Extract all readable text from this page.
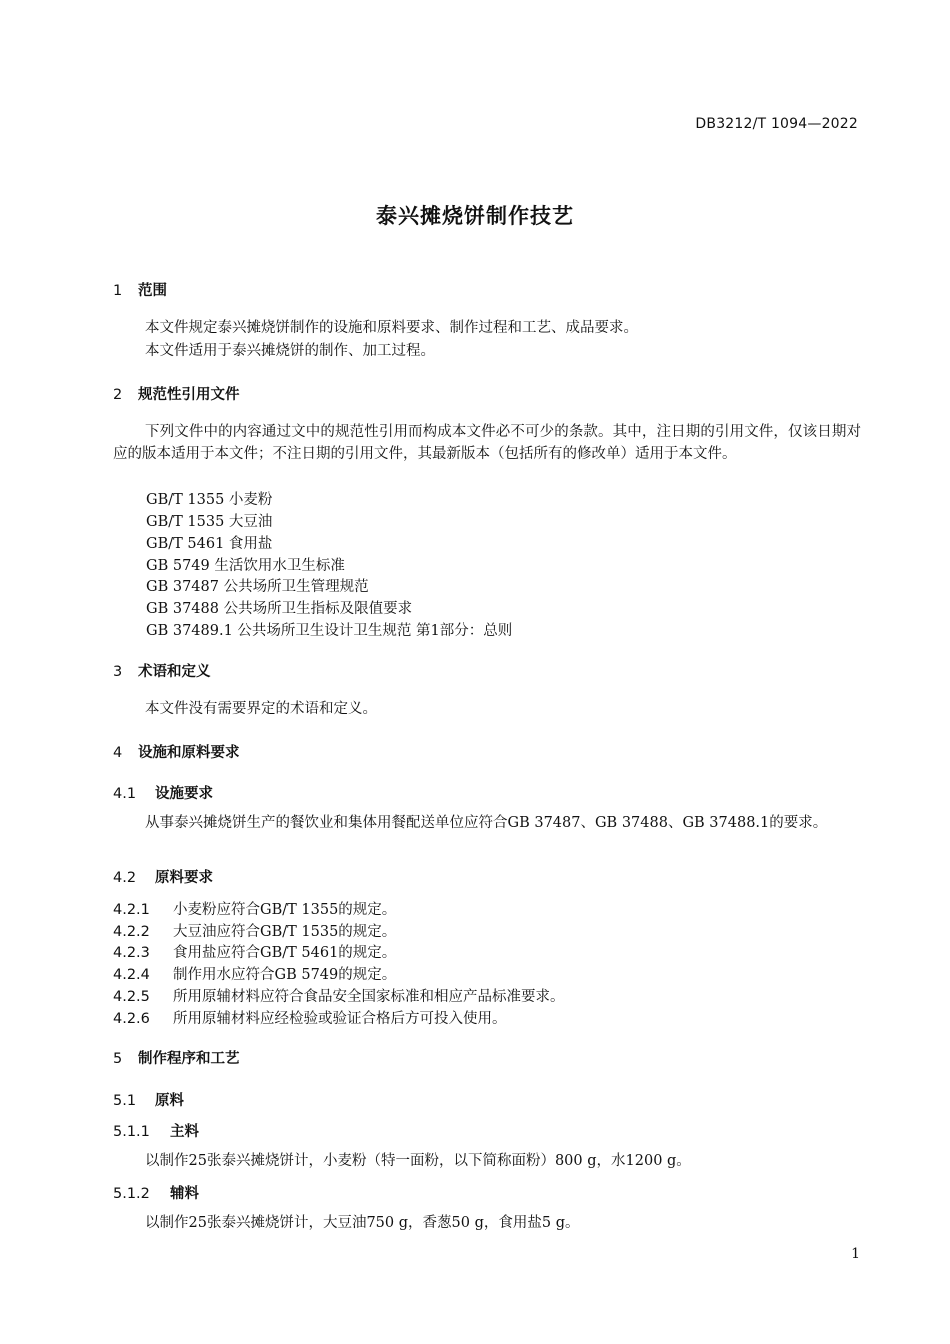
DB3212/T 1094—2022
泰兴摊烧饼制作技艺
1 范围
本文件规定泰兴摊烧饼制作的设施和原料要求、制作过程和工艺、成品要求。
本文件适用于泰兴摊烧饼的制作、加工过程。
2 规范性引用文件
下列文件中的内容通过文中的规范性引用而构成本文件必不可少的条款。其中，注日期的引用文件，仅该日期对应的版本适用于本文件；不注日期的引用文件，其最新版本（包括所有的修改单）适用于本文件。
GB/T 1355 小麦粉
GB/T 1535 大豆油
GB/T 5461 食用盐
GB 5749 生活饮用水卫生标准
GB 37487 公共场所卫生管理规范
GB 37488 公共场所卫生指标及限值要求
GB 37489.1 公共场所卫生设计卫生规范 第1部分：总则
3 术语和定义
本文件没有需要界定的术语和定义。
4 设施和原料要求
4.1 设施要求
从事泰兴摊烧饼生产的餐饮业和集体用餐配送单位应符合GB 37487、GB 37488、GB 37488.1的要求。
4.2 原料要求
4.2.1 小麦粉应符合GB/T 1355的规定。
4.2.2 大豆油应符合GB/T 1535的规定。
4.2.3 食用盐应符合GB/T 5461的规定。
4.2.4 制作用水应符合GB 5749的规定。
4.2.5 所用原辅材料应符合食品安全国家标准和相应产品标准要求。
4.2.6 所用原辅材料应经检验或验证合格后方可投入使用。
5 制作程序和工艺
5.1 原料
5.1.1 主料
以制作25张泰兴摊烧饼计，小麦粉（特一面粉，以下简称面粉）800 g，水1200 g。
5.1.2 辅料
以制作25张泰兴摊烧饼计，大豆油750 g，香葱50 g，食用盐5 g。
1
